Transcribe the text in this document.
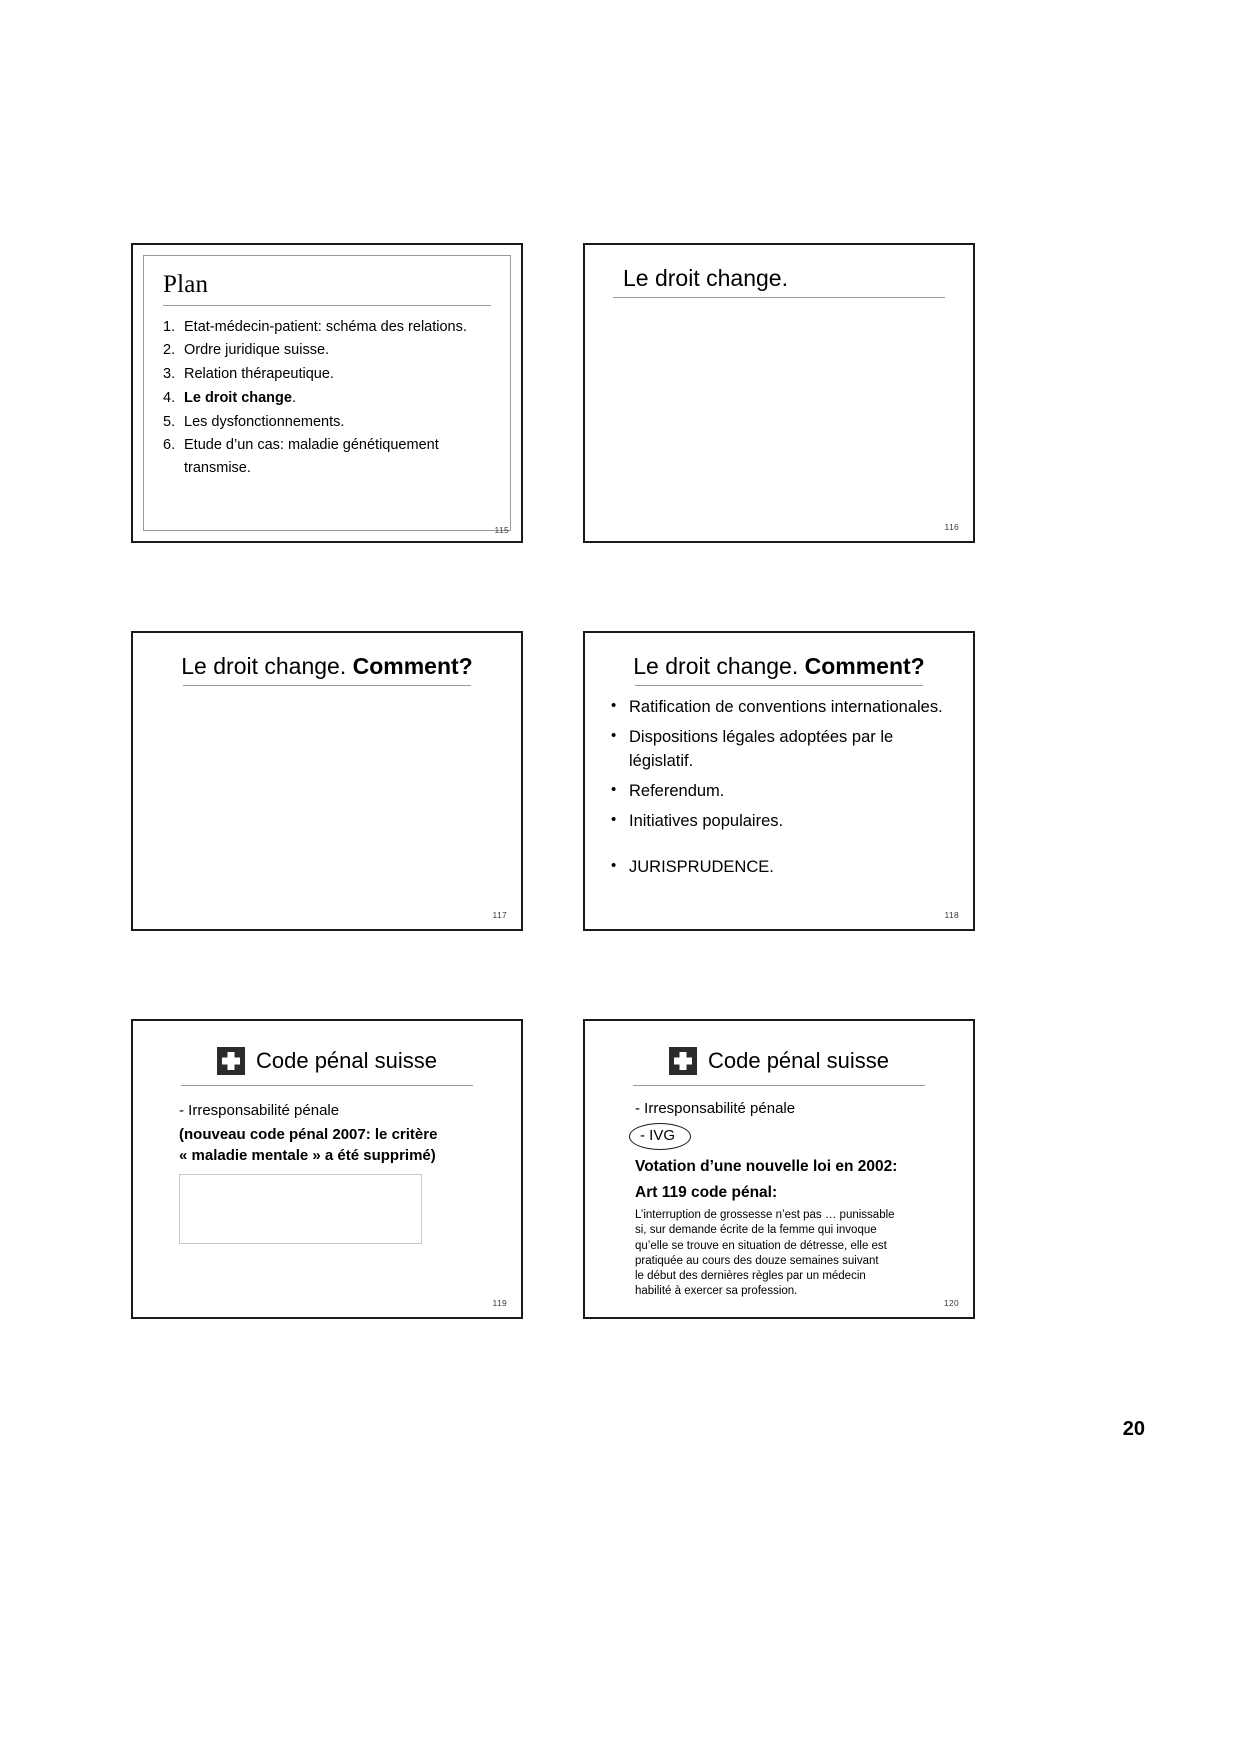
Plan
1. Etat-médecin-patient: schéma des relations.
2. Ordre juridique suisse.
3. Relation thérapeutique.
4. Le droit change.
5. Les dysfonctionnements.
6. Etude d’un cas: maladie génétiquement transmise.
115
Le droit change.
116
Le droit change. Comment?
117
Le droit change. Comment?
• Ratification de conventions internationales.
• Dispositions légales adoptées par le législatif.
• Referendum.
• Initiatives populaires.
• JURISPRUDENCE.
118
Code pénal suisse
- Irresponsabilité pénale
(nouveau code pénal 2007: le critère
« maladie mentale » a été supprimé)
119
Code pénal suisse
- Irresponsabilité pénale
- IVG
Votation d’une nouvelle loi en 2002:
Art 119 code pénal:
L’interruption de grossesse n’est pas … punissable
si, sur demande écrite de la femme qui invoque
qu’elle se trouve en situation de détresse, elle est
pratiquée au cours des douze semaines suivant
le début des dernières règles par un médecin
habilité à exercer sa profession.
120
20
